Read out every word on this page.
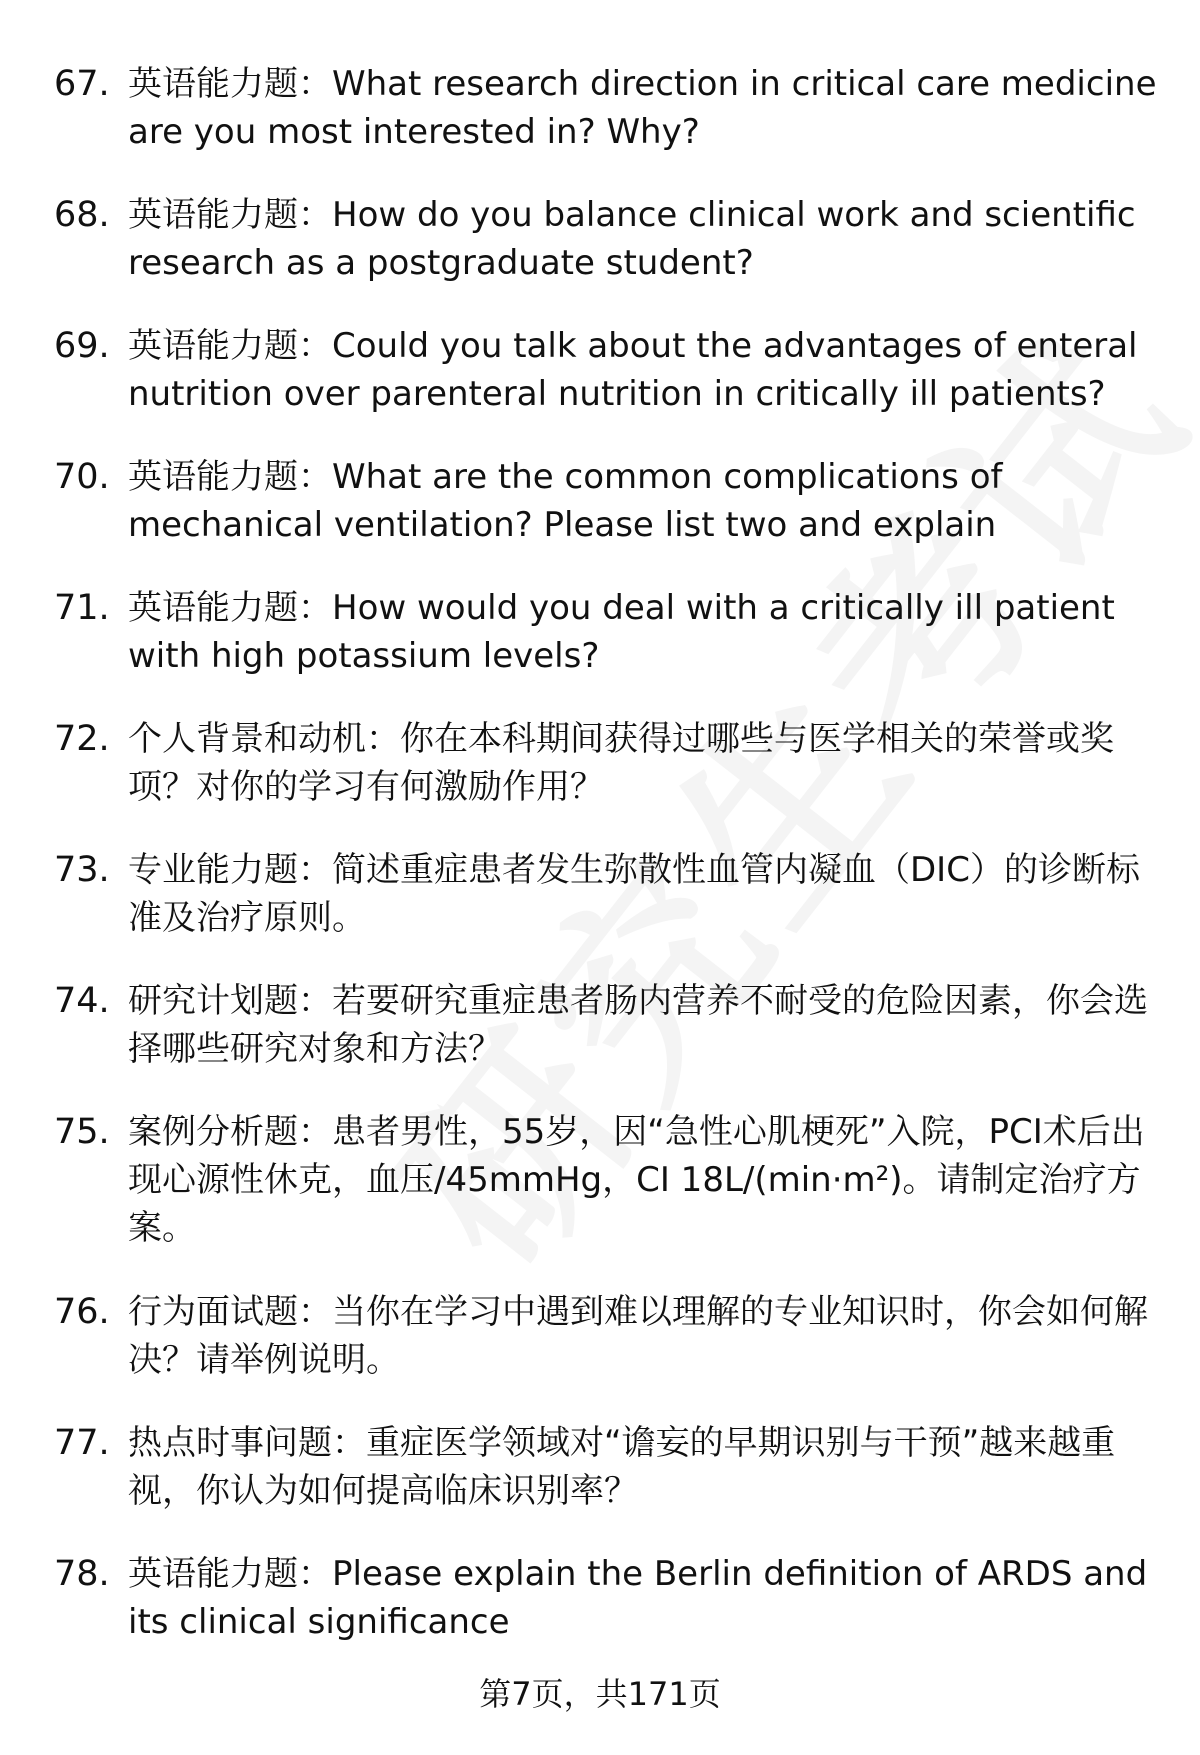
67. 英语能力题：What research direction in critical care medicine are you most interested in? Why?

68. 英语能力题：How do you balance clinical work and scientific research as a postgraduate student?

69. 英语能力题：Could you talk about the advantages of enteral nutrition over parenteral nutrition in critically ill patients?

70. 英语能力题：What are the common complications of mechanical ventilation? Please list two and explain

71. 英语能力题：How would you deal with a critically ill patient with high potassium levels?

72. 个人背景和动机：你在本科期间获得过哪些与医学相关的荣誉或奖项？对你的学习有何激励作用？

73. 专业能力题：简述重症患者发生弥散性血管内凝血（DIC）的诊断标准及治疗原则。

74. 研究计划题：若要研究重症患者肠内营养不耐受的危险因素，你会选择哪些研究对象和方法？

75. 案例分析题：患者男性，55岁，因“急性心肌梗死”入院，PCI术后出现心源性休克，血压/45mmHg，CI 18L/(min·m²)。请制定治疗方案。

76. 行为面试题：当你在学习中遇到难以理解的专业知识时，你会如何解决？请举例说明。

77. 热点时事问题：重症医学领域对“谵妄的早期识别与干预”越来越重视，你认为如何提高临床识别率？

78. 英语能力题：Please explain the Berlin definition of ARDS and its clinical significance

第7页，共171页
